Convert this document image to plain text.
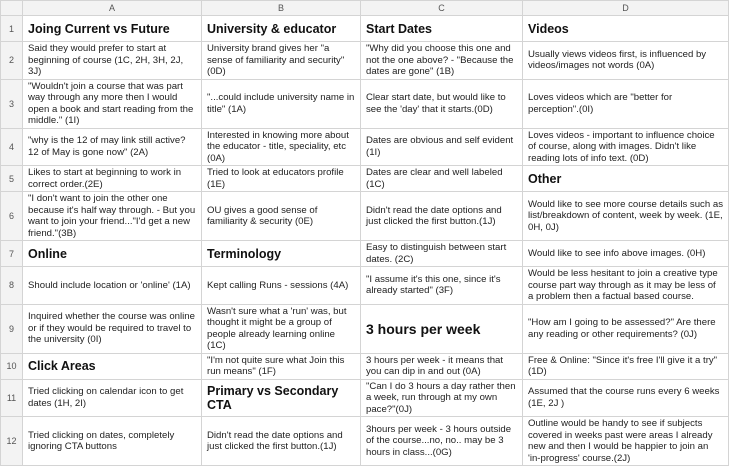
	A	B	C	D
1	Joing Current vs Future	University & educator	Start Dates	Videos
2	Said they would prefer to start at beginning of course (1C, 2H, 3H, 2J, 3J)	University brand gives her "a sense of familiarity and security" (0D)	"Why did you choose this one and not the one above? - "Because the dates are gone" (1B)	Usually views videos first, is influenced by videos/images not words (0A)
3	"Wouldn't join a course that was part way through any more then I would open a book and start reading from the middle." (1I)	"...could include university name in title" (1A)	Clear start date, but would like to see the 'day' that it starts.(0D)	Loves videos which are "better for perception".(0I)
4	"why is the 12 of may link still active? 12 of May is gone now" (2A)	Interested in knowing more about the educator - title, speciality, etc (0A)	Dates are obvious and self evident (1I)	Loves videos - important to influence choice of course, along with images. Didn't like reading lots of info text. (0D)
5	Likes to start at beginning to work in correct order.(2E)	Tried to look at educators profile (1E)	Dates are clear and well labeled (1C)	Other
6	"I don't want to join the other one because it's half way through. - But you want to join your friend..."I'd get a new friend."(3B)	OU gives a good sense of familiarity & security (0E)	Didn't read the date options and just clicked the first button.(1J)	Would like to see more course details such as list/breakdown of content, week by week. (1E, 0H, 0J)
7	Online	Terminology	Easy to distinguish between start dates. (2C)	Would like to see info above images. (0H)
8	Should include location or 'online' (1A)	Kept calling Runs - sessions (4A)	"I assume it's this one, since it's already started" (3F)	Would be less hesitant to join a creative type course part way through as it may be less of a problem then a factual based course.
9	Inquired whether the course was online or if they would be required to travel to the university (0I)	Wasn't sure what a 'run' was, but thought it might be a group of people already learning online (1C)	3 hours per week	"How am I going to be assessed?" Are there any reading or other requirements? (0J)
10	Click Areas	"I'm not quite sure what Join this run means" (1F)	3 hours per week - it means that you can dip in and out (0A)	Free & Online: "Since it's free I'll give it a try" (1D)
11	Tried clicking on calendar icon to get dates (1H, 2I)	Primary vs Secondary CTA	"Can I do 3 hours a day rather then a week, run through at my own pace?"(0J)	Assumed that the course runs every 6 weeks (1E, 2J )
12	Tried clicking on dates, completely ignoring CTA buttons	Didn't read the date options and just clicked the first button.(1J)	3hours per week - 3 hours outside of the course...no, no.. may be 3 hours in class...(0G)	Outline would be handy to see if subjects covered in weeks past were areas I already new and then I would be happier to join an 'in-progress' course.(2J)
